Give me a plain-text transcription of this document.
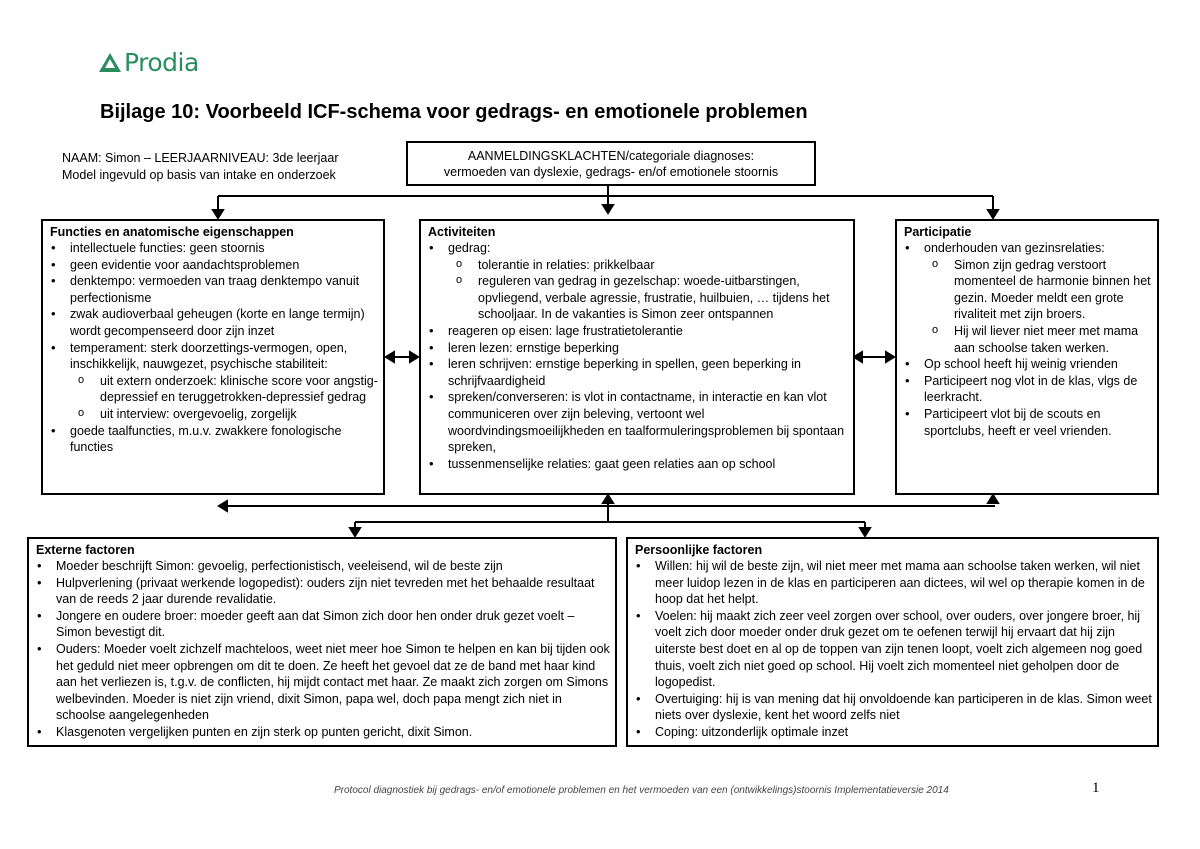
Prodia
Bijlage 10: Voorbeeld ICF-schema voor gedrags- en emotionele problemen
NAAM: Simon – LEERJAARNIVEAU: 3de leerjaar
Model ingevuld op basis van intake en onderzoek
AANMELDINGSKLACHTEN/categoriale diagnoses:
vermoeden van dyslexie, gedrags- en/of emotionele stoornis
Functies en anatomische eigenschappen
• intellectuele functies: geen stoornis
• geen evidentie voor aandachtsproblemen
• denktempo: vermoeden van traag denktempo vanuit perfectionisme
• zwak audioverbaal geheugen (korte en lange termijn) wordt gecompenseerd door zijn inzet
• temperament: sterk doorzettings-vermogen, open, inschikkelijk, nauwgezet, psychische stabiliteit:
o uit extern onderzoek: klinische score voor angstig-depressief en teruggetrokken-depressief gedrag
o uit interview: overgevoelig, zorgelijk
• goede taalfuncties, m.u.v. zwakkere fonologische functies
Activiteiten
• gedrag:
o tolerantie in relaties: prikkelbaar
o reguleren van gedrag in gezelschap: woede-uitbarstingen, opvliegend, verbale agressie, frustratie, huilbuien, … tijdens het schooljaar. In de vakanties is Simon zeer ontspannen
• reageren op eisen: lage frustratietolerantie
• leren lezen: ernstige beperking
• leren schrijven: ernstige beperking in spellen, geen beperking in schrijfvaardigheid
• spreken/converseren: is vlot in contactname, in interactie en kan vlot communiceren over zijn beleving, vertoont wel woordvindingsmoeilijkheden en taalformuleringsproblemen bij spontaan spreken,
• tussenmenselijke relaties: gaat geen relaties aan op school
Participatie
• onderhouden van gezinsrelaties:
o Simon zijn gedrag verstoort momenteel de harmonie binnen het gezin. Moeder meldt een grote rivaliteit met zijn broers.
o Hij wil liever niet meer met mama aan schoolse taken werken.
• Op school heeft hij weinig vrienden
• Participeert nog vlot in de klas, vlgs de leerkracht.
• Participeert vlot bij de scouts en sportclubs, heeft er veel vrienden.
Externe factoren
• Moeder beschrijft Simon: gevoelig, perfectionistisch, veeleisend, wil de beste zijn
• Hulpverlening (privaat werkende logopedist): ouders zijn niet tevreden met het behaalde resultaat van de reeds 2 jaar durende revalidatie.
• Jongere en oudere broer: moeder geeft aan dat Simon zich door hen onder druk gezet voelt – Simon bevestigt dit.
• Ouders: Moeder voelt zichzelf machteloos, weet niet meer hoe Simon te helpen en kan bij tijden ook het geduld niet meer opbrengen om dit te doen. Ze heeft het gevoel dat ze de band met haar kind aan het verliezen is, t.g.v. de conflicten, hij mijdt contact met haar. Ze maakt zich zorgen om Simons welbevinden. Moeder is niet zijn vriend, dixit Simon, papa wel, doch papa mengt zich niet in schoolse aangelegenheden
• Klasgenoten vergelijken punten en zijn sterk op punten gericht, dixit Simon.
Persoonlijke factoren
• Willen: hij wil de beste zijn, wil niet meer met mama aan schoolse taken werken, wil niet meer luidop lezen in de klas en participeren aan dictees, wil wel op therapie komen in de hoop dat het helpt.
• Voelen: hij maakt zich zeer veel zorgen over school, over ouders, over jongere broer, hij voelt zich door moeder onder druk gezet om te oefenen terwijl hij ervaart dat hij zijn uiterste best doet en al op de toppen van zijn tenen loopt, voelt zich algemeen nog goed thuis, voelt zich niet goed op school. Hij voelt zich momenteel niet geholpen door de logopedist.
• Overtuiging: hij is van mening dat hij onvoldoende kan participeren in de klas. Simon weet niets over dyslexie, kent het woord zelfs niet
• Coping: uitzonderlijk optimale inzet
Protocol diagnostiek bij gedrags- en/of emotionele problemen en het vermoeden van een (ontwikkelings)stoornis Implementatieversie 2014	1
